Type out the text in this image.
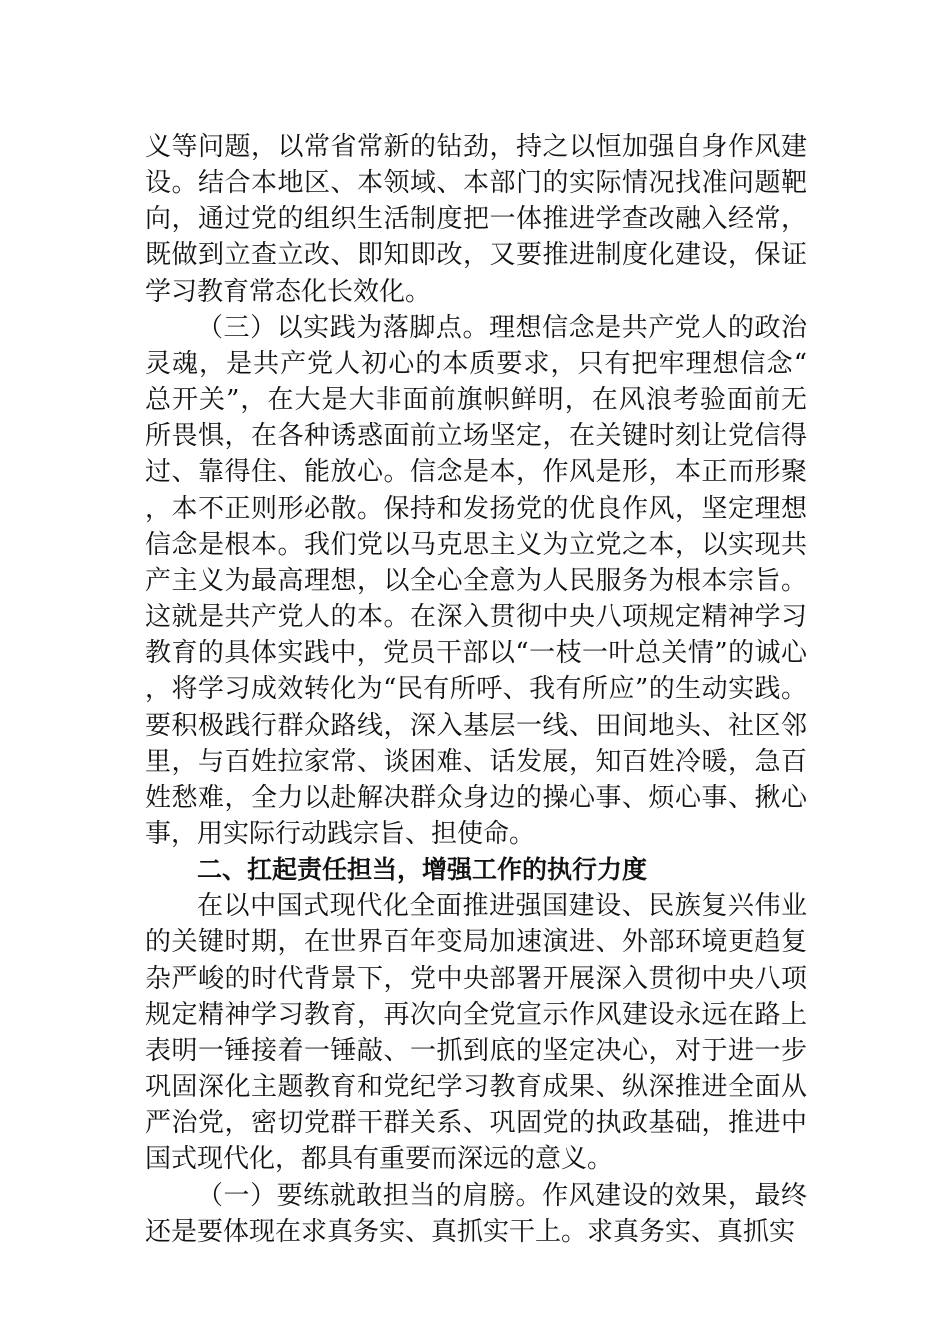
义等问题，以常省常新的钻劲，持之以恒加强自身作风建设。结合本地区、本领域、本部门的实际情况找准问题靶向，通过党的组织生活制度把一体推进学查改融入经常，既做到立查立改、即知即改，又要推进制度化建设，保证学习教育常态化长效化。

（三）以实践为落脚点。理想信念是共产党人的政治灵魂，是共产党人初心的本质要求，只有把牢理想信念“总开关”，在大是大非面前旗帜鲜明，在风浪考验面前无所畏惧，在各种诱惑面前立场坚定，在关键时刻让党信得过、靠得住、能放心。信念是本，作风是形，本正而形聚，本不正则形必散。保持和发扬党的优良作风，坚定理想信念是根本。我们党以马克思主义为立党之本，以实现共产主义为最高理想，以全心全意为人民服务为根本宗旨。这就是共产党人的本。在深入贯彻中央八项规定精神学习教育的具体实践中，党员干部以“一枝一叶总关情”的诚心，将学习成效转化为“民有所呼、我有所应”的生动实践。要积极践行群众路线，深入基层一线、田间地头、社区邻里，与百姓拉家常、谈困难、话发展，知百姓冷暖，急百姓愁难，全力以赴解决群众身边的操心事、烦心事、揪心事，用实际行动践宗旨、担使命。

二、扛起责任担当，增强工作的执行力度

在以中国式现代化全面推进强国建设、民族复兴伟业的关键时期，在世界百年变局加速演进、外部环境更趋复杂严峻的时代背景下，党中央部署开展深入贯彻中央八项规定精神学习教育，再次向全党宣示作风建设永远在路上表明一锤接着一锤敲、一抓到底的坚定决心，对于进一步巩固深化主题教育和党纪学习教育成果、纵深推进全面从严治党，密切党群干群关系、巩固党的执政基础，推进中国式现代化，都具有重要而深远的意义。

（一）要练就敢担当的肩膀。作风建设的效果，最终还是要体现在求真务实、真抓实干上。求真务实、真抓实
